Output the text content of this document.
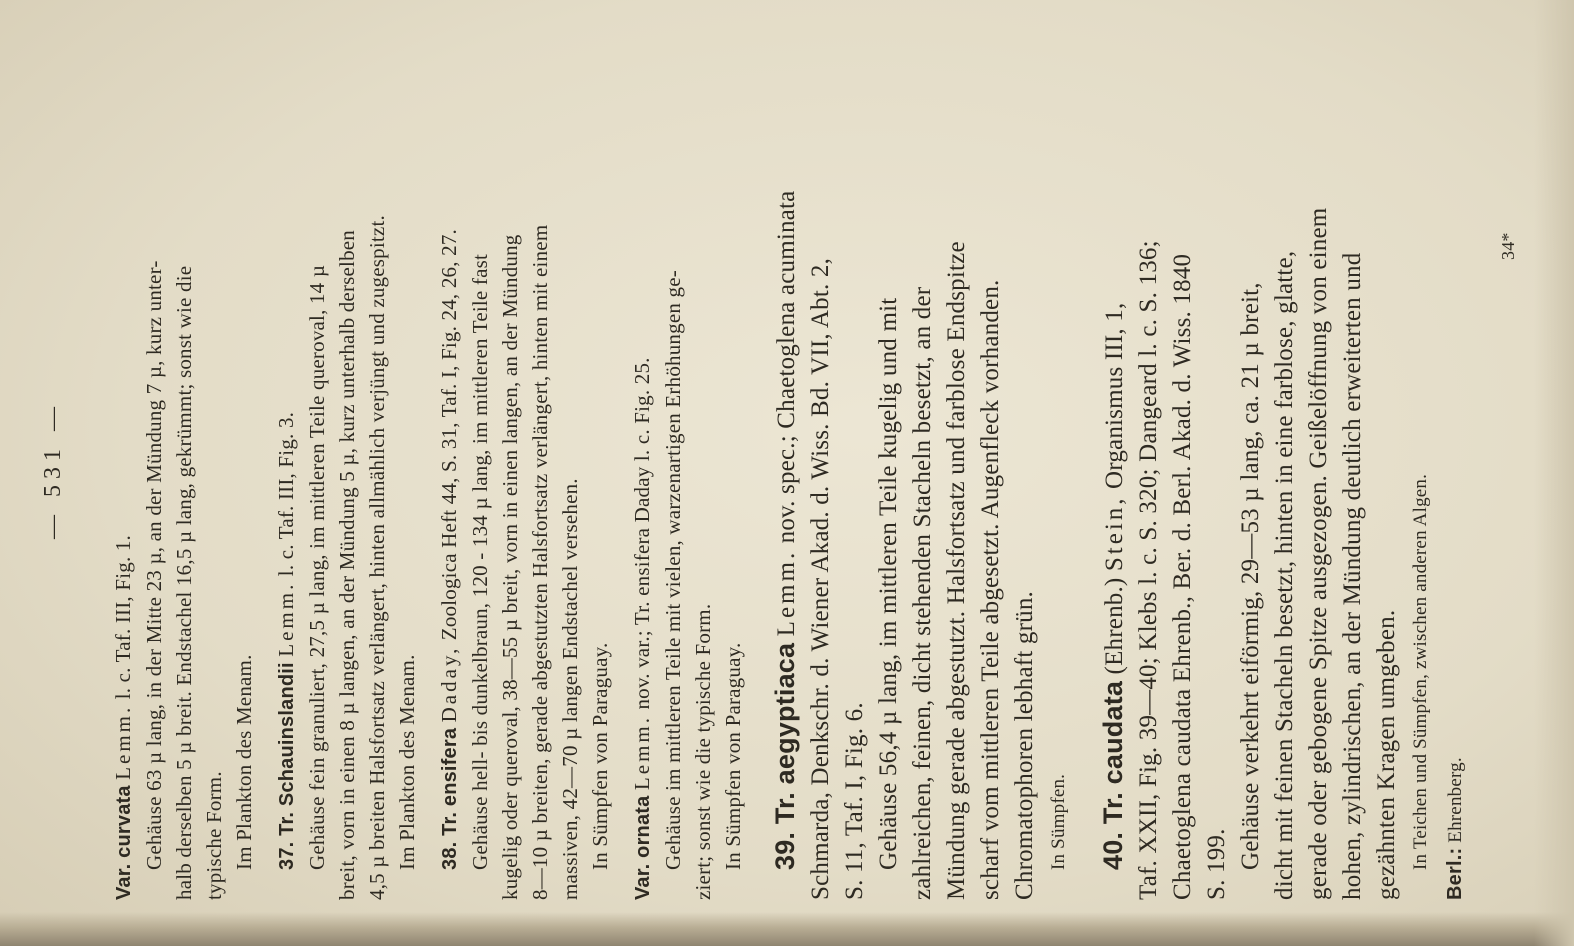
— 531 —

Var. curvata Lemm. l. c. Taf. III, Fig. 1. Gehäuse 63 µ lang, in der Mitte 23 µ, an der Mündung 7 µ, kurz unter- halb derselben 5 µ breit. Endstachel 16,5 µ lang, gekrümmt; sonst wie die typische Form. Im Plankton des Menam. 37. Tr. Schauinslandii Lemm. l. c. Taf. III, Fig. 3. Gehäuse fein granuliert, 27,5 µ lang, im mittleren Teile queroval, 14 µ breit, vorn in einen 8 µ langen, an der Mündung 5 µ, kurz unterhalb derselben 4,5 µ breiten Halsfortsatz verlängert, hinten allmählich verjüngt und zugespitzt. Im Plankton des Menam. 38. Tr. ensifera Daday, Zoologica Heft 44, S. 31, Taf. I, Fig. 24, 26, 27. Gehäuse hell- bis dunkelbraun, 120 - 134 µ lang, im mittleren Teile fast kugelig oder queroval, 38—55 µ breit, vorn in einen langen, an der Mündung 8—10 µ breiten, gerade abgestutzten Halsfortsatz verlängert, hinten mit einem massiven, 42—70 µ langen Endstachel versehen. In Sümpfen von Paraguay. Var. ornata Lemm. nov. var.; Tr. ensifera Daday l. c. Fig. 25. Gehäuse im mittleren Teile mit vielen, warzenartigen Erhöhungen ge- ziert; sonst wie die typische Form. In Sümpfen von Paraguay. 39. Tr. aegyptiaca Lemm. nov. spec.; Chaetoglena acuminata Schmarda, Denkschr. d. Wiener Akad. d. Wiss. Bd. VII, Abt. 2, S. 11, Taf. I, Fig. 6. Gehäuse 56,4 µ lang, im mittleren Teile kugelig und mit zahlreichen, feinen, dicht stehenden Stacheln besetzt, an der Mündung gerade abgestutzt. Halsfortsatz und farblose Endspitze scharf vom mittleren Teile abgesetzt. Augenfleck vorhanden. Chromatophoren lebhaft grün. In Sümpfen. 40. Tr. caudata (Ehrenb.) Stein, Organismus III, 1, Taf. XXII, Fig. 39—40; Klebs l. c. S. 320; Dangeard l. c. S. 136; Chaetoglena caudata Ehrenb., Ber. d. Berl. Akad. d. Wiss. 1840 S. 199. Gehäuse verkehrt eiförmig, 29—53 µ lang, ca. 21 µ breit, dicht mit feinen Stacheln besetzt, hinten in eine farblose, glatte, gerade oder gebogene Spitze ausgezogen. Geißelöffnung von einem hohen, zylindrischen, an der Mündung deutlich erweiterten und gezähnten Kragen umgeben. In Teichen und Sümpfen, zwischen anderen Algen.

Berl.: Ehrenberg.

34*
